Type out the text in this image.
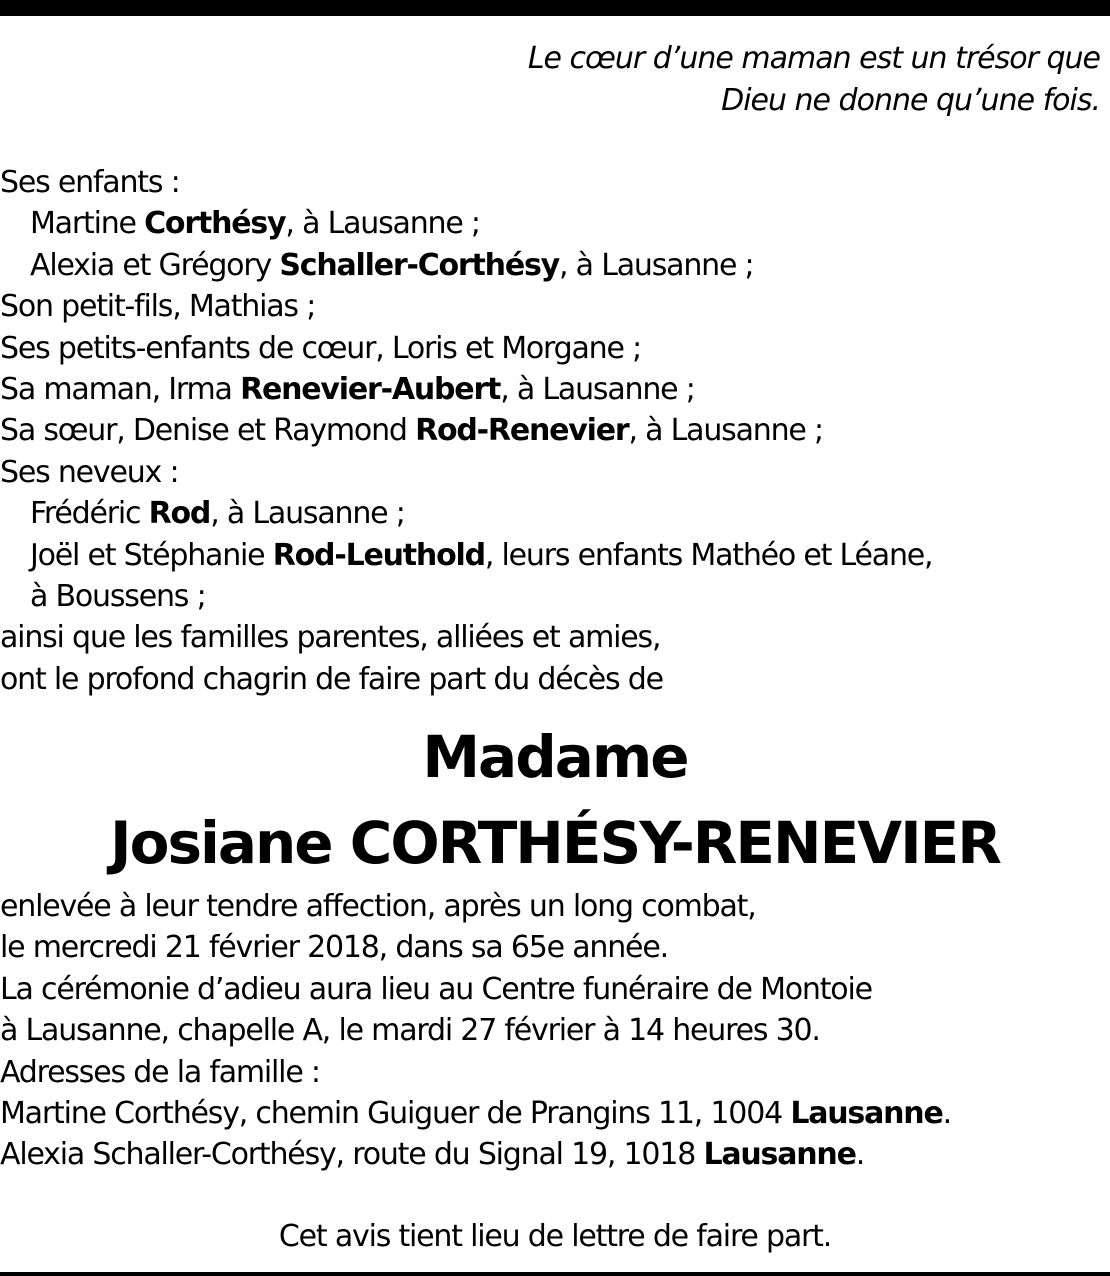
Le cœur d’une maman est un trésor que
Dieu ne donne qu’une fois.
Ses enfants :
Martine Corthésy, à Lausanne ;
Alexia et Grégory Schaller-Corthésy, à Lausanne ;
Son petit-fils, Mathias ;
Ses petits-enfants de cœur, Loris et Morgane ;
Sa maman, Irma Renevier-Aubert, à Lausanne ;
Sa sœur, Denise et Raymond Rod-Renevier, à Lausanne ;
Ses neveux :
Frédéric Rod, à Lausanne ;
Joël et Stéphanie Rod-Leuthold, leurs enfants Mathéo et Léane,
à Boussens ;
ainsi que les familles parentes, alliées et amies,
ont le profond chagrin de faire part du décès de
Madame
Josiane CORTHÉSY-RENEVIER
enlevée à leur tendre affection, après un long combat,
le mercredi 21 février 2018, dans sa 65e année.
La cérémonie d’adieu aura lieu au Centre funéraire de Montoie
à Lausanne, chapelle A, le mardi 27 février à 14 heures 30.
Adresses de la famille :
Martine Corthésy, chemin Guiguer de Prangins 11, 1004 Lausanne.
Alexia Schaller-Corthésy, route du Signal 19, 1018 Lausanne.
Cet avis tient lieu de lettre de faire part.
